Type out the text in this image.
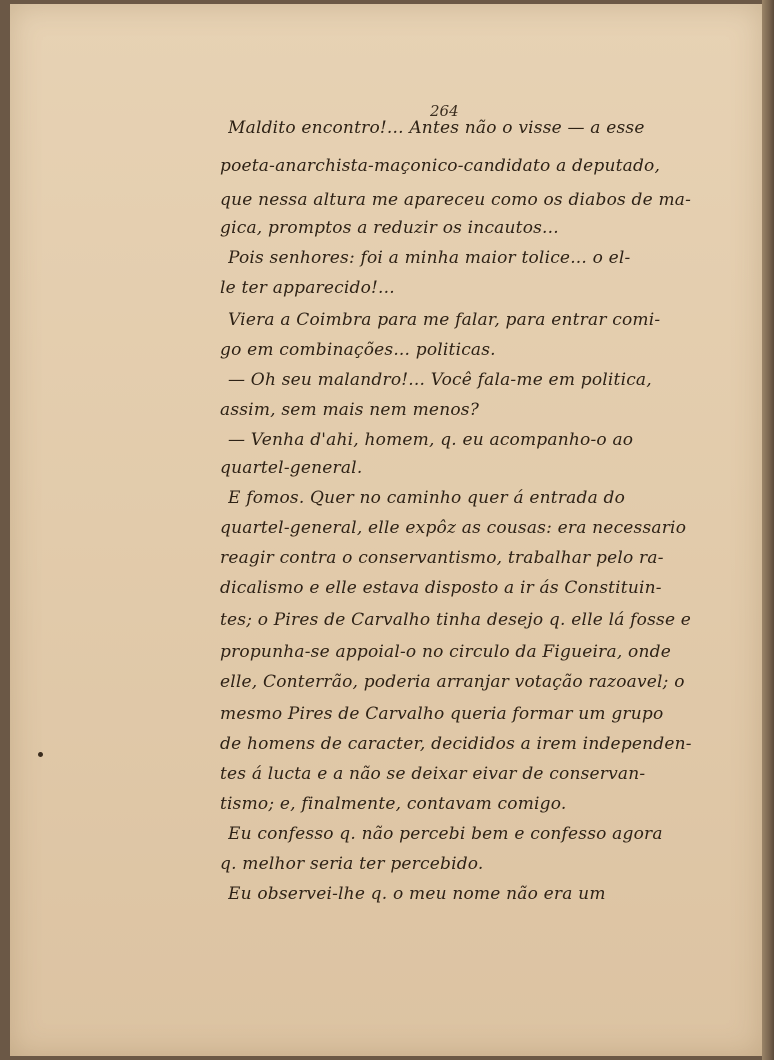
264
Maldito encontro!... Antes não o visse — a esse
poeta-anarchista-maçonico-candidato a deputado,
que nessa altura me apareceu como os diabos de ma-
gica, promptos a reduzir os incautos...
Pois senhores: foi a minha maior tolice... o el-
le ter apparecido!...
Viera a Coimbra para me falar, para entrar comi-
go em combinações... politicas.
— Oh seu malandro!... Você fala-me em politica,
assim, sem mais nem menos?
— Venha d'ahi, homem, q. eu acompanho-o ao
quartel-general.
E fomos. Quer no caminho quer á entrada do
quartel-general, elle expôz as cousas: era necessario
reagir contra o conservantismo, trabalhar pelo ra-
dicalismo e elle estava disposto a ir ás Constituin-
tes; o Pires de Carvalho tinha desejo q. elle lá fosse e
propunha-se appoial-o no circulo da Figueira, onde
elle, Conterrão, poderia arranjar votação razoavel; o
mesmo Pires de Carvalho queria formar um grupo
de homens de caracter, decididos a irem independen-
tes á lucta e a não se deixar eivar de conservan-
tismo; e, finalmente, contavam comigo.
Eu confesso q. não percebi bem e confesso agora
q. melhor seria ter percebido.
Eu observei-lhe q. o meu nome não era um
